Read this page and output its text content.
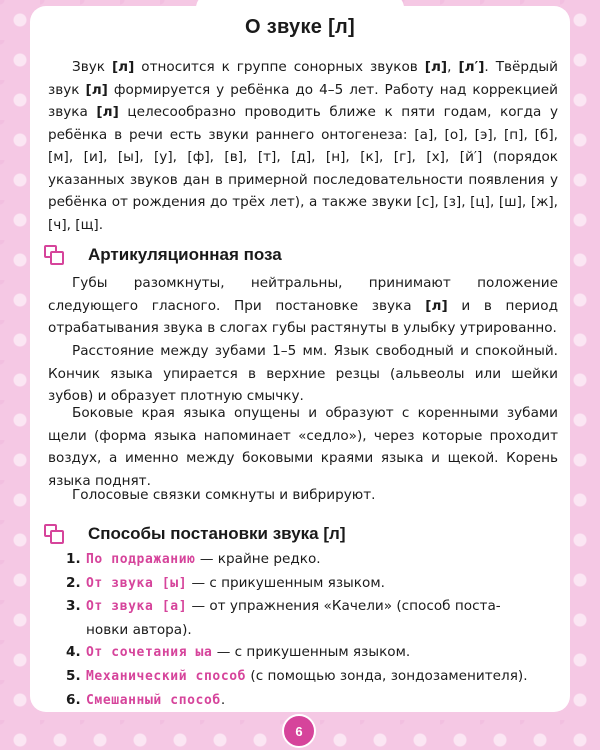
О звуке [л]

Звук [л] относится к группе сонорных звуков [л], [л′]. Твёрдый звук [л] формируется у ребёнка до 4–5 лет. Работу над коррекцией звука [л] целесообразно проводить ближе к пяти годам, когда у ребёнка в речи есть звуки раннего онтогенеза: [а], [о], [э], [п], [б], [м], [и], [ы], [у], [ф], [в], [т], [д], [н], [к], [г], [х], [й′] (порядок указанных звуков дан в примерной последовательности появления у ребёнка от рождения до трёх лет), а также звуки [с], [з], [ц], [ш], [ж], [ч], [щ].

Артикуляционная поза

Губы разомкнуты, нейтральны, принимают положение следующего гласного. При постановке звука [л] и в период отрабатывания звука в слогах губы растянуты в улыбку утрированно.

Расстояние между зубами 1–5 мм. Язык свободный и спокойный. Кончик языка упирается в верхние резцы (альвеолы или шейки зубов) и образует плотную смычку.

Боковые края языка опущены и образуют с коренными зубами щели (форма языка напоминает «седло»), через которые проходит воздух, а именно между боковыми краями языка и щекой. Корень языка поднят.

Голосовые связки сомкнуты и вибрируют.

Способы постановки звука [л]
1. По подражанию — крайне редко.
2. От звука [ы] — с прикушенным языком.
3. От звука [а] — от упражнения «Качели» (способ поста-
новки автора).
4. От сочетания ыа — с прикушенным языком.
5. Механический способ (с помощью зонда, зондозаменителя).
6. Смешанный способ.
6
